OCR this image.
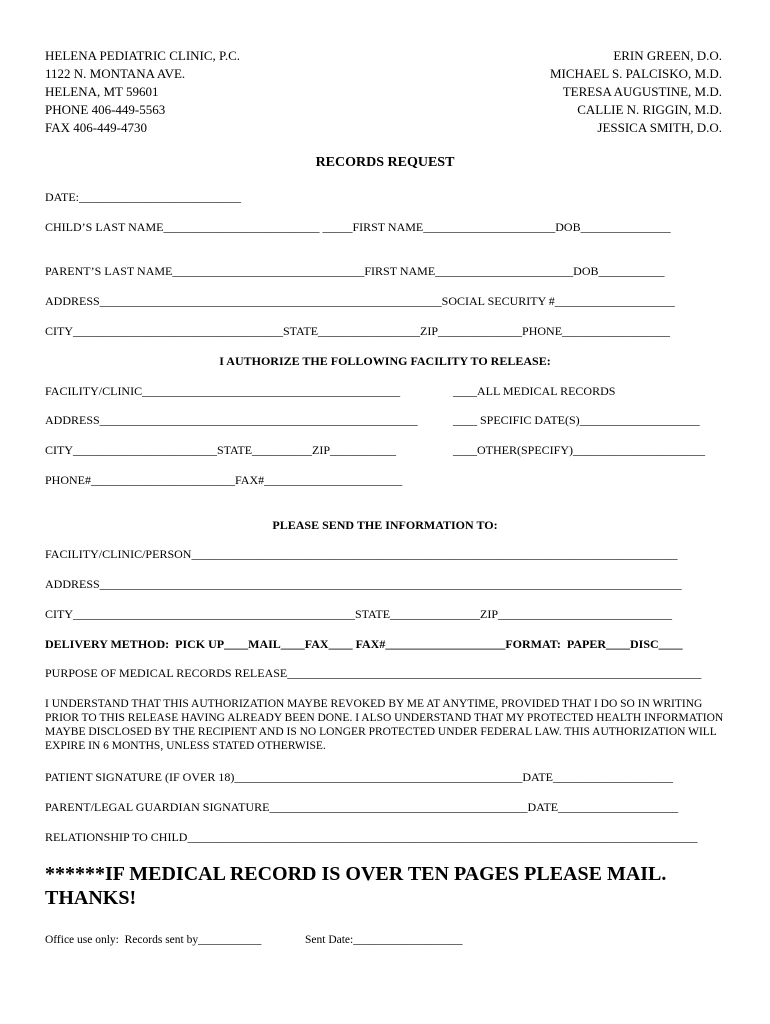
HELENA PEDIATRIC CLINIC, P.C.
1122 N. MONTANA AVE.
HELENA, MT 59601
PHONE 406-449-5563
FAX 406-449-4730
ERIN GREEN, D.O.
MICHAEL S. PALCISKO, M.D.
TERESA AUGUSTINE, M.D.
CALLIE N. RIGGIN, M.D.
JESSICA SMITH, D.O.
RECORDS REQUEST
DATE:___________________________
CHILD’S LAST NAME__________________________ _____FIRST NAME______________________DOB_______________
PARENT’S LAST NAME________________________________FIRST NAME_______________________DOB___________
ADDRESS_________________________________________________________SOCIAL SECURITY #____________________
CITY___________________________________STATE_________________ZIP______________PHONE__________________
I AUTHORIZE THE FOLLOWING FACILITY TO RELEASE:
FACILITY/CLINIC___________________________________________	____ALL MEDICAL RECORDS
ADDRESS_____________________________________________________	____ SPECIFIC DATE(S)____________________
CITY________________________STATE__________ZIP___________	____OTHER(SPECIFY)______________________
PHONE#________________________FAX#_______________________
PLEASE SEND THE INFORMATION TO:
FACILITY/CLINIC/PERSON_________________________________________________________________________________
ADDRESS_________________________________________________________________________________________________
CITY_______________________________________________STATE_______________ZIP_____________________________
DELIVERY METHOD:  PICK UP____MAIL____FAX____ FAX#____________________FORMAT:  PAPER____DISC____
PURPOSE OF MEDICAL RECORDS RELEASE_____________________________________________________________________
I UNDERSTAND THAT THIS AUTHORIZATION MAYBE REVOKED BY ME AT ANYTIME, PROVIDED THAT I DO SO IN WRITING PRIOR TO THIS RELEASE HAVING ALREADY BEEN DONE. I ALSO UNDERSTAND THAT MY PROTECTED HEALTH INFORMATION MAYBE DISCLOSED BY THE RECIPIENT AND IS NO LONGER PROTECTED UNDER FEDERAL LAW. THIS AUTHORIZATION WILL EXPIRE IN 6 MONTHS, UNLESS STATED OTHERWISE.
PATIENT SIGNATURE (IF OVER 18)________________________________________________DATE____________________
PARENT/LEGAL GUARDIAN SIGNATURE___________________________________________DATE____________________
RELATIONSHIP TO CHILD_____________________________________________________________________________________
******IF MEDICAL RECORD IS OVER TEN PAGES PLEASE MAIL. THANKS!
Office use only:  Records sent by___________	Sent Date:___________________
